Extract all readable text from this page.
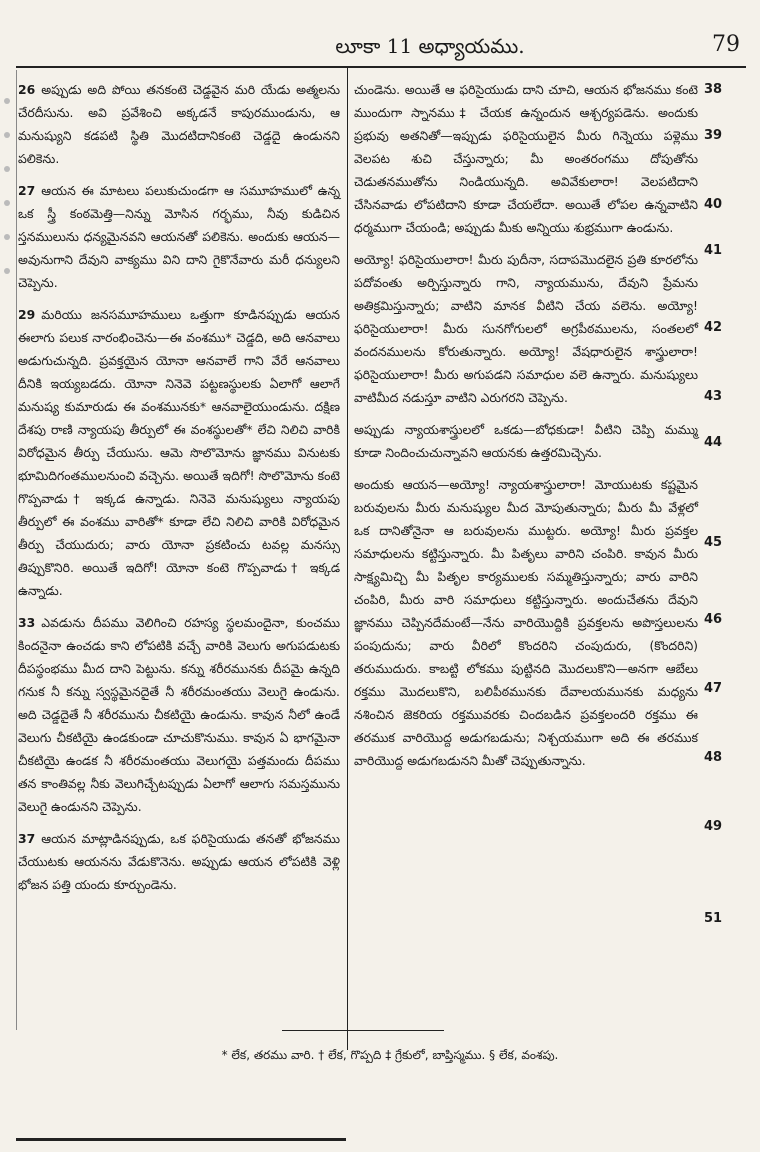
లూకా 11 అధ్యాయము.	79

26 అప్పుడు అది పోయి తనకంటె చెడ్డవైన మరి యేడు అత్మలను చేరదీసును. అవి ప్రవేశించి అక్కడనే కాపురముండును, ఆ మనుష్యుని కడపటి స్థితి మొదటిదానికంటె చెడ్డదై ఉండునని పలికెను.

27 ఆయన ఈ మాటలు పలుకుచుండగా ఆ సమూహములో ఉన్న ఒక స్త్రీ కంఠమెత్తి—నిన్ను మోసిన గర్భము, నీవు కుడిచిన స్తనములును ధన్యమైనవని ఆయనతో పలికెను. అందుకు ఆయన—అవునుగాని దేవుని వాక్యము విని దాని గైకొనేవారు మరీ ధన్యులని చెప్పెను.

29 మరియు జనసమూహములు ఒత్తుగా కూడినప్పుడు ఆయన ఈలాగు పలుక నారంభించెను—ఈ వంశము* చెడ్డది, అది ఆనవాలు అడుగుచున్నది. ప్రవక్తయైన యోనా ఆనవాలే గాని వేరే ఆనవాలు దీనికి ఇయ్యబడదు. యోనా నినెవె పట్టణస్థులకు ఏలాగో ఆలాగే మనుష్య కుమారుడు ఈ వంశమునకు* ఆనవాలైయుండును. దక్షిణ దేశపు రాణి న్యాయపు తీర్పులో ఈ వంశస్థులతో* లేచి నిలిచి వారికి విరోధమైన తీర్పు చేయుసు. ఆమె సొలొమోను జ్ఞానము వినుటకు భూమిదిగంతములనుంచి వచ్చెను. అయితే ఇదిగో! సొలొమోను కంటె గొప్పవాడు† ఇక్కడ ఉన్నాడు. నినెవె మనుష్యులు న్యాయపు తీర్పులో ఈ వంశము వారితో* కూడా లేచి నిలిచి వారికి విరోధమైన తీర్పు చేయుదురు; వారు యోనా ప్రకటించు టవల్ల మనస్సు తిప్పుకొనిరి. అయితే ఇదిగో! యోనా కంటె గొప్పవాడు† ఇక్కడ ఉన్నాడు.

33 ఎవడును దీపము వెలిగించి రహస్య స్థలమందైనా, కుంచము కిందనైనా ఉంచడు కాని లోపటికి వచ్చే వారికి వెలుగు అగుపడుటకు దీపస్థంభము మీద దాని పెట్టును. కన్ను శరీరమునకు దీపమై ఉన్నది గనుక నీ కన్ను స్వస్థమైనదైతే నీ శరీరమంతయు వెలుగై ఉండును. అది చెడ్డదైతే నీ శరీరమును చీకటియై ఉండును. కావున నీలో ఉండే వెలుగు చీకటియై ఉండకుండా చూచుకొనుము. కావున ఏ భాగమైనా చీకటియై ఉండక నీ శరీరమంతయు వెలుగయై పత్తమందు దీపము తన కాంతివల్ల నీకు వెలుగిచ్చేటప్పుడు ఏలాగో ఆలాగు సమస్తమును వెలుగై ఉండునని చెప్పెను.

37 ఆయన మాట్లాడినప్పుడు, ఒక ఫరిసైయుడు తనతో భోజనము చేయుటకు ఆయనను వేడుకొనెను. అప్పుడు ఆయన లోపటికి వెళ్లి భోజన పత్తి యందు కూర్చుండెను.

చుండెను. అయితే ఆ ఫరిసైయుడు దాని చూచి, ఆయన భోజనము కంటె ముందుగా స్నానము‡ చేయక ఉన్నందున ఆశ్చర్యపడెను. అందుకు ప్రభువు అతనితో—ఇప్పుడు ఫరిసైయులైన మీరు గిన్నెయు పళ్లెము వెలపట శుచి చేస్తున్నారు; మీ అంతరంగము దోపుతోను చెడుతనముతోను నిండియున్నది. అవివేకులారా! వెలపటిదాని చేసినవాడు లోపటిదాని కూడా చేయలేదా. అయితే లోపల ఉన్నవాటిని ధర్మముగా చేయండి; అప్పుడు మీకు అన్నియు శుభ్రముగా ఉండును.

అయ్యో! ఫరిసైయులారా! మీరు పుదీనా, సదాపమొదలైన ప్రతి కూరలోను పదోవంతు అర్పిస్తున్నారు గాని, న్యాయమును, దేవుని ప్రేమను అతిక్రమిస్తున్నారు; వాటిని మానక వీటిని చేయ వలెను. అయ్యో! ఫరిసైయులారా! మీరు సునగోగులలో అగ్రపీఠములను, సంతలలో వందనములను కోరుతున్నారు. అయ్యో! వేషధారులైన శాస్త్రులారా! ఫరిసైయులారా! మీరు అగుపడని సమాధుల వలె ఉన్నారు. మనుష్యులు వాటిమీద నడుస్తూ వాటిని ఎరుగరని చెప్పెను.

అప్పుడు న్యాయశాస్త్రులలో ఒకడు—బోధకుడా! వీటిని చెప్పి మమ్ము కూడా నిందించుచున్నావని ఆయనకు ఉత్తరమిచ్చెను.

అందుకు ఆయన—అయ్యో! న్యాయశాస్త్రులారా! మోయుటకు కష్టమైన బరువులను మీరు మనుష్యుల మీద మోపుతున్నారు; మీరు మీ వేళ్లలో ఒక దానితోనైనా ఆ బరువులను ముట్టరు. అయ్యో! మీరు ప్రవక్తల సమాధులను కట్టిస్తున్నారు. మీ పితృలు వారిని చంపిరి. కావున మీరు సాక్ష్యమిచ్చి మీ పితృల కార్యములకు సమ్మతిస్తున్నారు; వారు వారిని చంపిరి, మీరు వారి సమాధులు కట్టిస్తున్నారు. అందుచేతను దేవుని జ్ఞానము చెప్పినదేమంటే—నేను వారియొద్దికి ప్రవక్తలను అపొస్తలులను పంపుదును; వారు వీరిలో కొందరిని చంపుదురు, (కొందరిని) తరుముదురు. కాబట్టి లోకము పుట్టినది మొదలుకొని—అనగా ఆబేలు రక్తము మొదలుకొని, బలిపీఠమునకు దేవాలయమునకు మధ్యను నశించిన జెకరియ రక్తమువరకు చిందబడిన ప్రవక్తలందరి రక్తము ఈ తరముక వారియొద్ద అడుగబడును; నిశ్చయముగా అది ఈ తరముక వారియొద్ద అడుగబడునని మీతో చెప్పుతున్నాను.

38
39
40
41
42
43
44
45
46
47
48
49
51
* లేక, తరము వారి. † లేక, గొప్పది ‡ గ్రేకులో, బాప్తిస్మము. § లేక, వంశపు.
